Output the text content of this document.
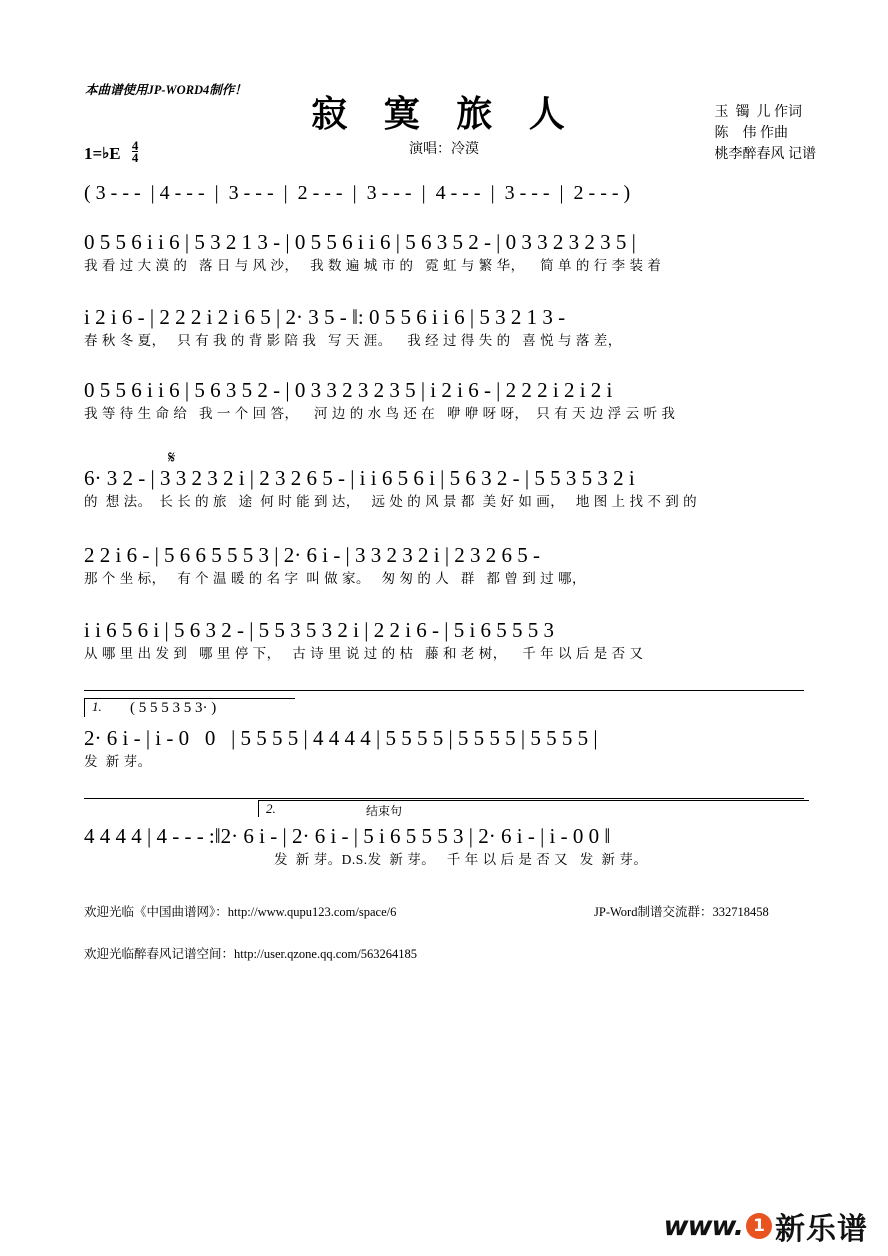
本曲谱使用JP-WORD4制作！
寂 寞 旅 人
演唱：冷漠
玉  镯  儿 作词
陈    伟 作曲
桃李醉春风 记谱
1=♭E $\frac{4}{4}$
( 3 - - -  | 4 - - -  |  3 - - -  |  2 - - -  |  3 - - -  |  4 - - -  |  3 - - -  |  2 - - - )
0 5 5 6 i i 6 | 5 3 2 1 3 - | 0 5 5 6 i i 6 | 5 6 3 5 2 - | 0 3 3 2 3 2 3 5 |
我 看 过 大 漠 的   落 日 与 风 沙，   我 数 遍 城 市 的   霓 虹 与 繁 华，    简 单 的 行 李 装 着
i 2 i 6 - | 2 2 2 i 2 i 6 5 | 2· 3 5 - ‖: 0 5 5 6 i i 6 | 5 3 2 1 3 -
春 秋 冬 夏，   只 有 我 的 背 影 陪 我   写 天 涯。    我 经 过 得 失 的   喜 悦 与 落 差，
0 5 5 6 i i 6 | 5 6 3 5 2 - | 0 3 3 2 3 2 3 5 | i 2 i 6 - | 2 2 2 i 2 i 2 i
我 等 待 生 命 给   我 一 个 回 答，    河 边 的 水 鸟 还 在   咿 咿 呀 呀，  只 有 天 边 浮 云 听 我
𝄋
6· 3 2 - | 3 3 2 3 2 i | 2 3 2 6 5 - | i i 6 5 6 i | 5 6 3 2 - | 5 5 3 5 3 2 i
的  想 法。  长 长 的 旅   途  何 时 能 到 达，   远 处 的 风 景 都  美 好 如 画，   地 图 上 找 不 到 的
2 2 i 6 - | 5 6 6 5 5 5 3 | 2· 6 i - | 3 3 2 3 2 i | 2 3 2 6 5 -
那 个 坐 标，   有 个 温 暖 的 名 字  叫 做 家。   匆 匆 的 人   群   都 曾 到 过 哪，
i i 6 5 6 i | 5 6 3 2 - | 5 5 3 5 3 2 i | 2 2 i 6 - | 5 i 6 5 5 5 3
从 哪 里 出 发 到   哪 里 停 下，   古 诗 里 说 过 的 枯   藤 和 老 树，    千 年 以 后 是 否 又
1. ( 5 5 5 3 5 3· )
2· 6 i - | i - 0   0   | 5 5 5 5 | 4 4 4 4 | 5 5 5 5 | 5 5 5 5 | 5 5 5 5 |
发  新 芽。
2.	结束句
4 4 4 4 | 4 - - - :‖2· 6 i - | 2· 6 i - | 5 i 6 5 5 5 3 | 2· 6 i - | i - 0 0 ‖
发  新 芽。D.S.发  新 芽。   千 年 以 后 是 否 又   发  新 芽。
欢迎光临《中国曲谱网》：http://www.qupu123.com/space/6	JP-Word制谱交流群：332718458
欢迎光临醉春风记谱空间：http://user.qzone.qq.com/563264185
www. 1 新乐谱
